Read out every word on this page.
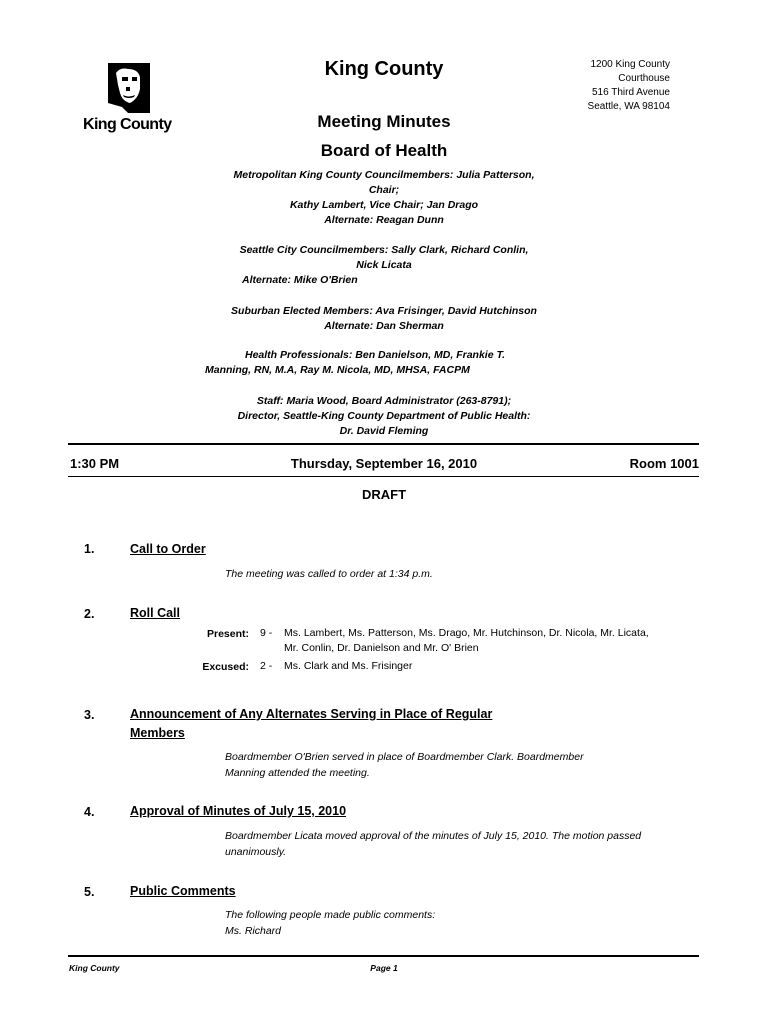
King County
King County	1200 King County
Courthouse
516 Third Avenue
Seattle, WA 98104
Meeting Minutes
Board of Health
Metropolitan King County Councilmembers: Julia Patterson,
Chair;
Kathy Lambert, Vice Chair; Jan Drago
Alternate: Reagan Dunn
Seattle City Councilmembers: Sally Clark, Richard Conlin,
Nick Licata
Alternate: Mike O'Brien
Suburban Elected Members: Ava Frisinger, David Hutchinson
Alternate: Dan Sherman
Health Professionals: Ben Danielson, MD, Frankie T.
Manning, RN, M.A, Ray M. Nicola, MD, MHSA, FACPM
Staff: Maria Wood, Board Administrator (263-8791);
Director, Seattle-King County Department of Public Health:
Dr. David Fleming
1:30 PM	Thursday, September 16, 2010	Room 1001
DRAFT
1.	Call to Order
The meeting was called to order at 1:34 p.m.
2.	Roll Call
Present: 9 - Ms. Lambert, Ms. Patterson, Ms. Drago, Mr. Hutchinson, Dr. Nicola, Mr. Licata, Mr. Conlin, Dr. Danielson and Mr. O' Brien
Excused: 2 - Ms. Clark and Ms. Frisinger
3.	Announcement of Any Alternates Serving in Place of Regular
Members
Boardmember O'Brien served in place of Boardmember Clark. Boardmember Manning attended the meeting.
4.	Approval of Minutes of July 15, 2010
Boardmember Licata moved approval of the minutes of July 15, 2010. The motion passed unanimously.
5.	Public Comments
The following people made public comments:
Ms. Richard
King County	Page 1
